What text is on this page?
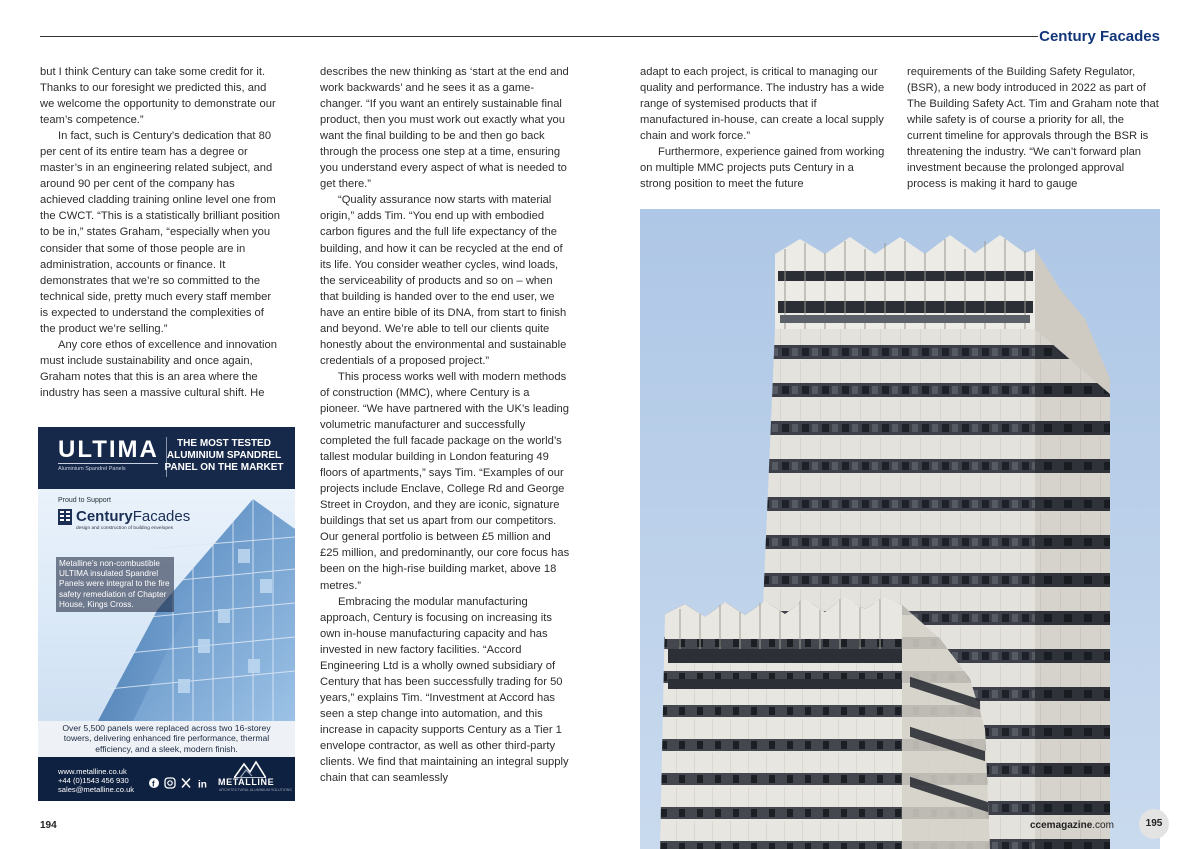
Century Facades

but I think Century can take some credit for it. Thanks to our foresight we predicted this, and we welcome the opportunity to demonstrate our team’s competence.”

In fact, such is Century’s dedication that 80 per cent of its entire team has a degree or master’s in an engineering related subject, and around 90 per cent of the company has achieved cladding training online level one from the CWCT. “This is a statistically brilliant position to be in,” states Graham, “especially when you consider that some of those people are in administration, accounts or finance. It demonstrates that we’re so committed to the technical side, pretty much every staff member is expected to understand the complexities of the product we’re selling.”

Any core ethos of excellence and innovation must include sustainability and once again, Graham notes that this is an area where the industry has seen a massive cultural shift. He

describes the new thinking as ‘start at the end and work backwards’ and he sees it as a game-changer. “If you want an entirely sustainable final product, then you must work out exactly what you want the final building to be and then go back through the process one step at a time, ensuring you understand every aspect of what is needed to get there.”

“Quality assurance now starts with material origin,” adds Tim. “You end up with embodied carbon figures and the full life expectancy of the building, and how it can be recycled at the end of its life. You consider weather cycles, wind loads, the serviceability of products and so on – when that building is handed over to the end user, we have an entire bible of its DNA, from start to finish and beyond. We’re able to tell our clients quite honestly about the environmental and sustainable credentials of a proposed project.”

This process works well with modern methods of construction (MMC), where Century is a pioneer. “We have partnered with the UK’s leading volumetric manufacturer and successfully completed the full facade package on the world’s tallest modular building in London featuring 49 floors of apartments,” says Tim. “Examples of our projects include Enclave, College Rd and George Street in Croydon, and they are iconic, signature buildings that set us apart from our competitors. Our general portfolio is between £5 million and £25 million, and predominantly, our core focus has been on the high-rise building market, above 18 metres.”

Embracing the modular manufacturing approach, Century is focusing on increasing its own in-house manufacturing capacity and has invested in new factory facilities. “Accord Engineering Ltd is a wholly owned subsidiary of Century that has been successfully trading for 50 years,” explains Tim. “Investment at Accord has seen a step change into automation, and this increase in capacity supports Century as a Tier 1 envelope contractor, as well as other third-party clients. We find that maintaining an integral supply chain that can seamlessly

adapt to each project, is critical to managing our quality and performance. The industry has a wide range of systemised products that if manufactured in-house, can create a local supply chain and work force.”

Furthermore, experience gained from working on multiple MMC projects puts Century in a strong position to meet the future

requirements of the Building Safety Regulator, (BSR), a new body introduced in 2022 as part of The Building Safety Act. Tim and Graham note that while safety is of course a priority for all, the current timeline for approvals through the BSR is threatening the industry. “We can’t forward plan investment because the prolonged approval process is making it hard to gauge

ULTIMA
Aluminium Spandrel Panels
THE MOST TESTED ALUMINIUM SPANDREL PANEL ON THE MARKET
Proud to Support
CenturyFacades
design and construction of building envelopes
Metalline’s non-combustible ULTIMA insulated Spandrel Panels were integral to the fire safety remediation of Chapter House, Kings Cross.
Over 5,500 panels were replaced across two 16-storey towers, delivering enhanced fire performance, thermal efficiency, and a sleek, modern finish.
www.metalline.co.uk
+44 (0)1543 456 930
sales@metalline.co.uk
f	in METALLINE
ARCHITECTURAL ALUMINIUM SOLUTIONS
194	ccemagazine.com	195
